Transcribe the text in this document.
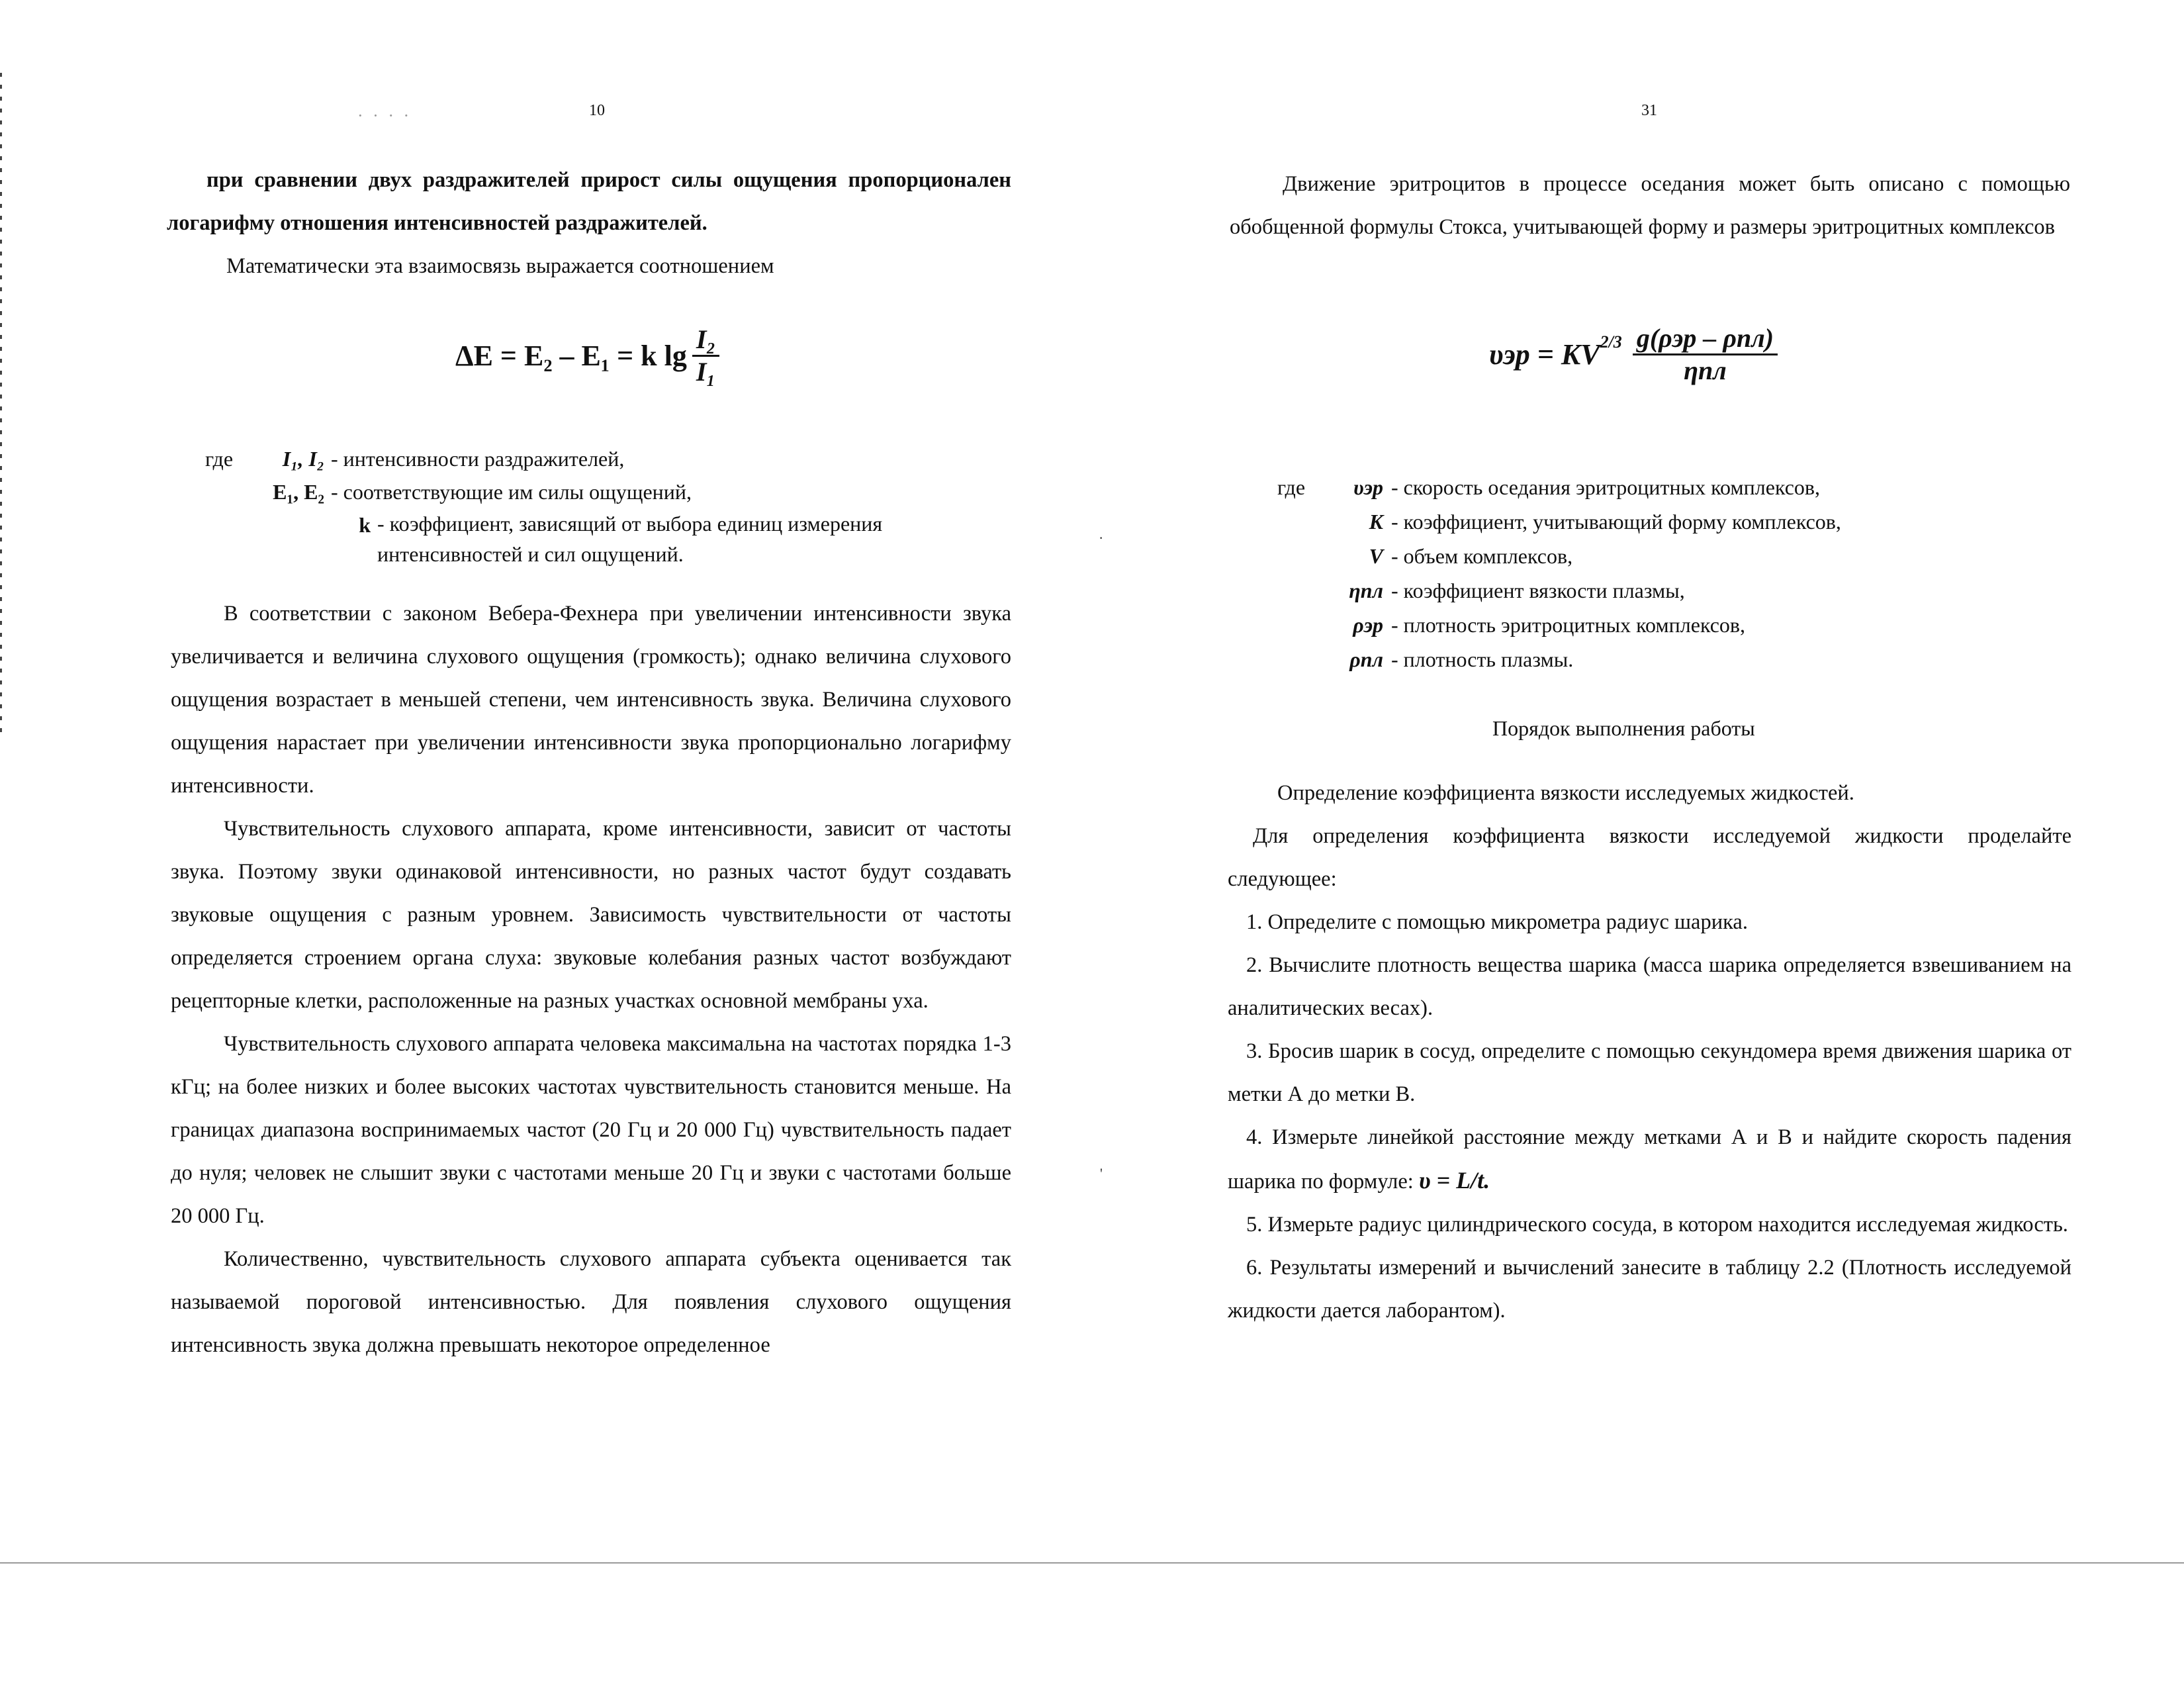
· · · ·	10

при сравнении двух раздражителей прирост силы ощущения пропорционален логарифму отношения интенсивностей раздражителей.

Математически эта взаимосвязь выражается соотношением

ΔE = E₂ – E₁ = k $\lg \frac{\text{I₂}}{\text{I₁}}$
где	I₁, I₂ - интенсивности раздражителей,
E₁, E₂ - соответствующие им силы ощущений,
k - коэффициент, зависящий от выбора единиц измерения интенсивностей и сил ощущений.

В соответствии с законом Вебера-Фехнера при увеличении интенсивности звука увеличивается и величина слухового ощущения (громкость); однако величина слухового ощущения возрастает в меньшей степени, чем интенсивность звука. Величина слухового ощущения нарастает при увеличении интенсивности звука пропорционально логарифму интенсивности.

Чувствительность слухового аппарата, кроме интенсивности, зависит от частоты звука. Поэтому звуки одинаковой интенсивности, но разных частот будут создавать звуковые ощущения с разным уровнем. Зависимость чувствительности от частоты определяется строением органа слуха: звуковые колебания разных частот возбуждают рецепторные клетки, расположенные на разных участках основной мембраны уха.

Чувствительность слухового аппарата человека максимальна на частотах порядка 1-3 кГц; на более низких и более высоких частотах чувствительность становится меньше. На границах диапазона воспринимаемых частот (20 Гц и 20 000 Гц) чувствительность падает до нуля; человек не слышит звуки с частотами меньше 20 Гц и звуки с частотами больше 20 000 Гц.

Количественно, чувствительность слухового аппарата субъекта оценивается так называемой пороговой интенсивностью. Для появления слухового ощущения интенсивность звука должна превышать некоторое определенное

·
'
31

Движение эритроцитов в процессе оседания может быть описано с помощью обобщенной формулы Стокса, учитывающей форму и размеры эритроцитных комплексов

$\upsilon эр = KV^{2/3} \frac{\text{g(ρэр – ρпл)}}{\text{ηпл}}$
где	υэр - скорость оседания эритроцитных комплексов,
K - коэффициент, учитывающий форму комплексов,
V - объем комплексов,
ηпл - коэффициент вязкости плазмы,
ρэр - плотность эритроцитных комплексов,
ρпл - плотность плазмы.
Порядок выполнения работы

Определение коэффициента вязкости исследуемых жидкостей.

Для определения коэффициента вязкости исследуемой жидкости проделайте следующее:

1. Определите с помощью микрометра радиус шарика.

2. Вычислите плотность вещества шарика (масса шарика определяется взвешиванием на аналитических весах).

3. Бросив шарик в сосуд, определите с помощью секундомера время движения шарика от метки А до метки В.

4. Измерьте линейкой расстояние между метками А и В и найдите скорость падения шарика по формуле: υ = L/t.

5. Измерьте радиус цилиндрического сосуда, в котором находится исследуемая жидкость.

6. Результаты измерений и вычислений занесите в таблицу 2.2 (Плотность исследуемой жидкости дается лаборантом).
